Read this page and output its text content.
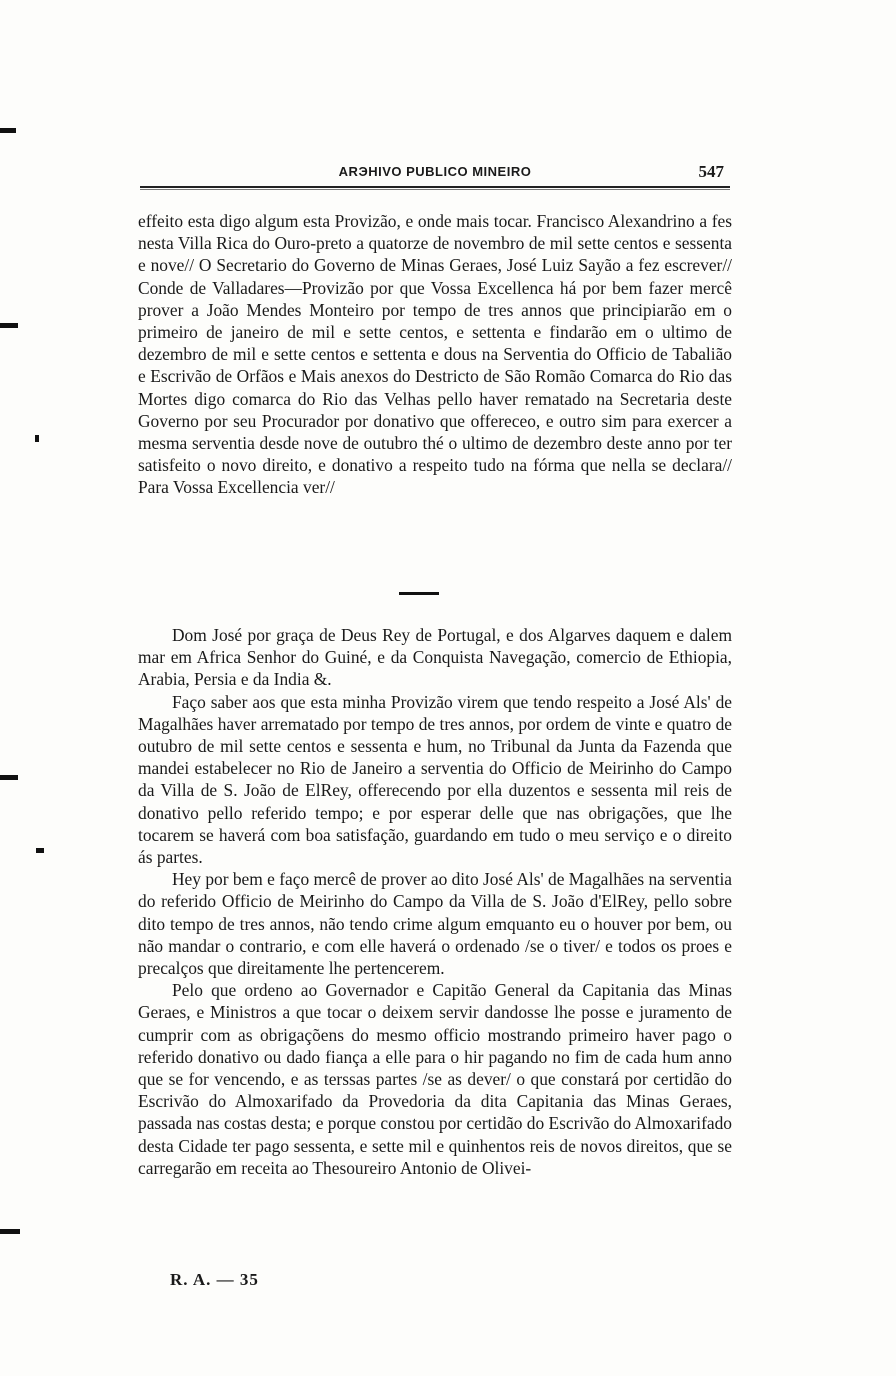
ARЭHIVO PUBLICO MINEIRO	547

effeito esta digo algum esta Provizão, e onde mais tocar. Francisco Alexandrino a fes nesta Villa Rica do Ouro-preto a quatorze de novembro de mil sette centos e sessenta e nove// O Secretario do Governo de Minas Geraes, José Luiz Sayão a fez escrever// Conde de Valladares—Provizão por que Vossa Excellenca há por bem fazer mercê prover a João Mendes Monteiro por tempo de tres annos que principiarão em o primeiro de janeiro de mil e sette centos, e settenta e findarão em o ultimo de dezembro de mil e sette centos e settenta e dous na Serventia do Officio de Tabalião e Escrivão de Orfãos e Mais anexos do Destricto de São Romão Comarca do Rio das Mortes digo comarca do Rio das Velhas pello haver rematado na Secretaria deste Governo por seu Procurador por donativo que offereceo, e outro sim para exercer a mesma serventia desde nove de outubro thé o ultimo de dezembro deste anno por ter satisfeito o novo direito, e donativo a respeito tudo na fórma que nella se declara// Para Vossa Excellencia ver//

Dom José por graça de Deus Rey de Portugal, e dos Algarves daquem e dalem mar em Africa Senhor do Guiné, e da Conquista Navegação, comercio de Ethiopia, Arabia, Persia e da India &.

Faço saber aos que esta minha Provizão virem que tendo respeito a José Als' de Magalhães haver arrematado por tempo de tres annos, por ordem de vinte e quatro de outubro de mil sette centos e sessenta e hum, no Tribunal da Junta da Fazenda que mandei estabelecer no Rio de Janeiro a serventia do Officio de Meirinho do Campo da Villa de S. João de ElRey, offerecendo por ella duzentos e sessenta mil reis de donativo pello referido tempo; e por esperar delle que nas obrigações, que lhe tocarem se haverá com boa satisfação, guardando em tudo o meu serviço e o direito ás partes.

Hey por bem e faço mercê de prover ao dito José Als' de Magalhães na serventia do referido Officio de Meirinho do Campo da Villa de S. João d'ElRey, pello sobre dito tempo de tres annos, não tendo crime algum emquanto eu o houver por bem, ou não mandar o contrario, e com elle haverá o ordenado /se o tiver/ e todos os proes e precalços que direitamente lhe pertencerem.

Pelo que ordeno ao Governador e Capitão General da Capitania das Minas Geraes, e Ministros a que tocar o deixem servir dandosse lhe posse e juramento de cumprir com as obrigaçõens do mesmo officio mostrando primeiro haver pago o referido donativo ou dado fiança a elle para o hir pagando no fim de cada hum anno que se for vencendo, e as terssas partes /se as dever/ o que constará por certidão do Escrivão do Almoxarifado da Provedoria da dita Capitania das Minas Geraes, passada nas costas desta; e porque constou por certidão do Escrivão do Almoxarifado desta Cidade ter pago sessenta, e sette mil e quinhentos reis de novos direitos, que se carregarão em receita ao Thesoureiro Antonio de Olivei-

R. A. — 35
